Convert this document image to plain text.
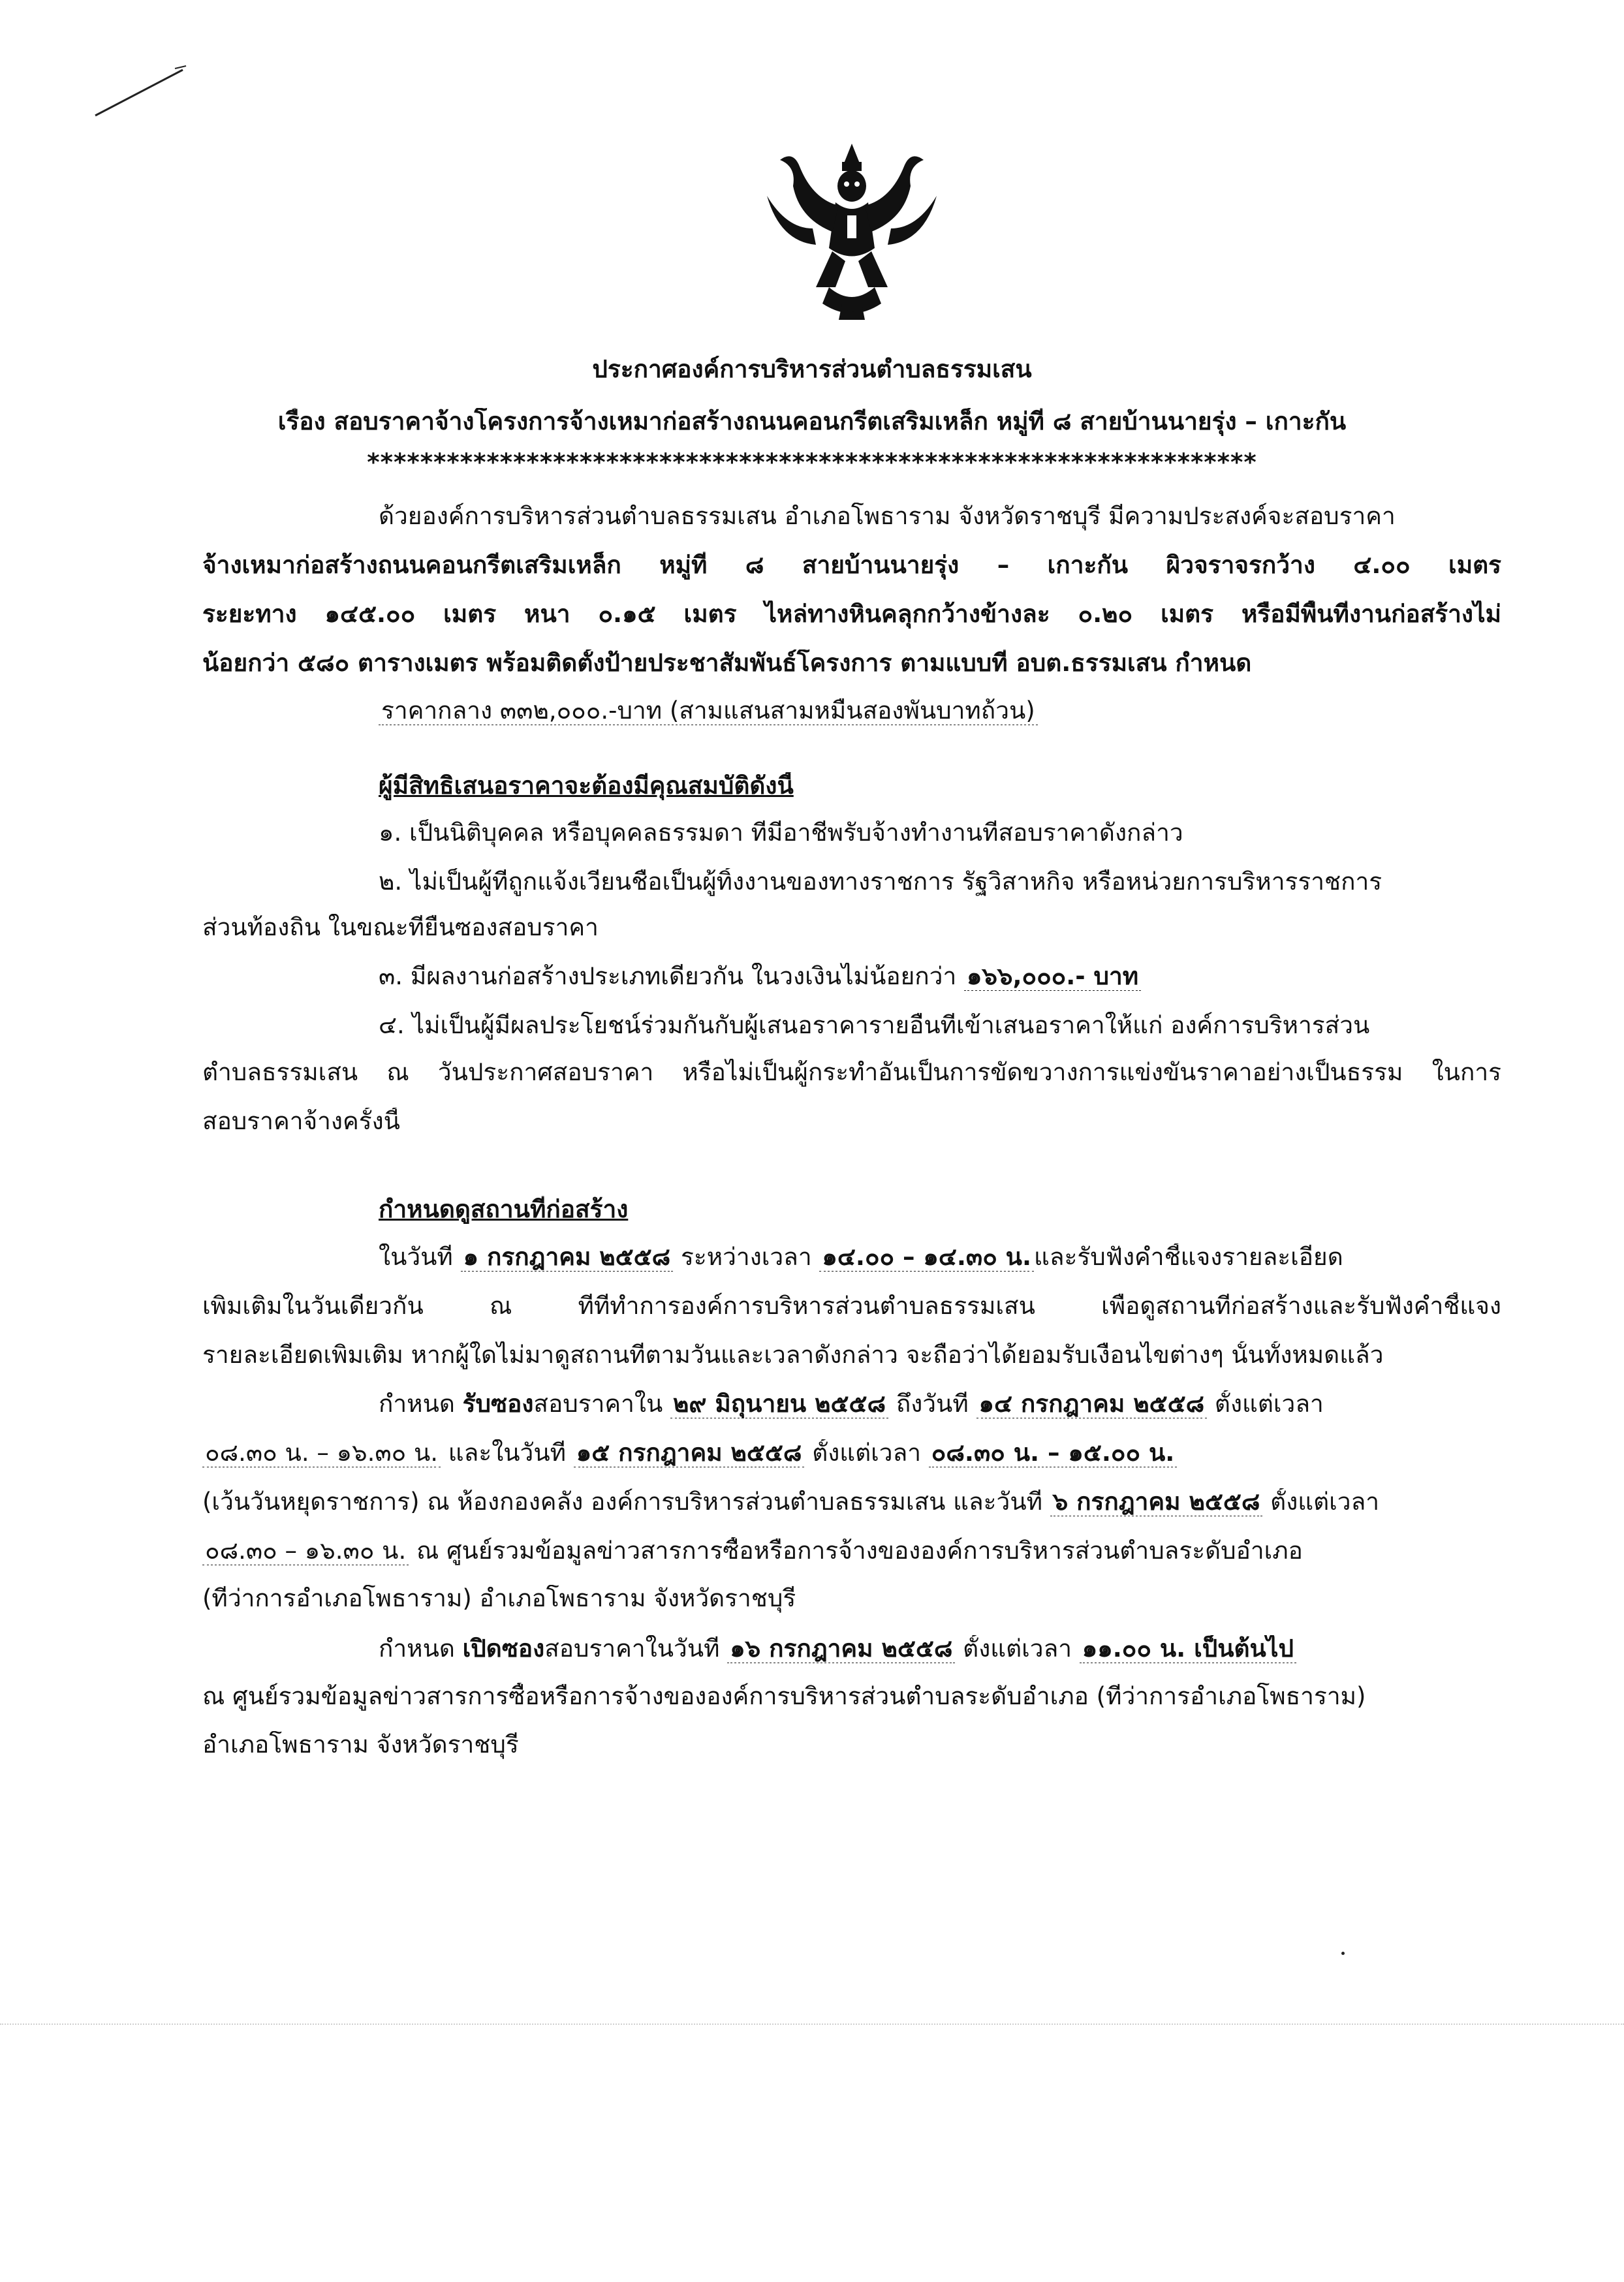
ประกาศองค์การบริหารส่วนตำบลธรรมเสน
เรื่อง สอบราคาจ้างโครงการจ้างเหมาก่อสร้างถนนคอนกรีตเสริมเหล็ก หมู่ที่ ๘ สายบ้านนายรุ่ง – เกาะกัน
*******************************************************************
ด้วยองค์การบริหารส่วนตำบลธรรมเสน อำเภอโพธาราม จังหวัดราชบุรี มีความประสงค์จะสอบราคา
จ้างเหมาก่อสร้างถนนคอนกรีตเสริมเหล็ก หมู่ที่ ๘ สายบ้านนายรุ่ง – เกาะกัน ผิวจราจรกว้าง ๔.๐๐ เมตร
ระยะทาง ๑๔๕.๐๐ เมตร หนา ๐.๑๕ เมตร ไหล่ทางหินคลุกกว้างข้างละ ๐.๒๐ เมตร หรือมีพื้นที่งานก่อสร้างไม่
น้อยกว่า ๕๘๐ ตารางเมตร พร้อมติดตั้งป้ายประชาสัมพันธ์โครงการ ตามแบบที่ อบต.ธรรมเสน กำหนด
ราคากลาง ๓๓๒,๐๐๐.-บาท (สามแสนสามหมื่นสองพันบาทถ้วน)
ผู้มีสิทธิเสนอราคาจะต้องมีคุณสมบัติดังนี้
๑. เป็นนิติบุคคล หรือบุคคลธรรมดา ที่มีอาชีพรับจ้างทำงานที่สอบราคาดังกล่าว
๒. ไม่เป็นผู้ที่ถูกแจ้งเวียนชื่อเป็นผู้ทิ้งงานของทางราชการ รัฐวิสาหกิจ หรือหน่วยการบริหารราชการ
ส่วนท้องถิ่น ในขณะที่ยื่นซองสอบราคา
๓. มีผลงานก่อสร้างประเภทเดียวกัน ในวงเงินไม่น้อยกว่า ๑๖๖,๐๐๐.- บาท
๔. ไม่เป็นผู้มีผลประโยชน์ร่วมกันกับผู้เสนอราคารายอื่นที่เข้าเสนอราคาให้แก่ องค์การบริหารส่วน
ตำบลธรรมเสน ณ วันประกาศสอบราคา หรือไม่เป็นผู้กระทำอันเป็นการขัดขวางการแข่งขันราคาอย่างเป็นธรรม ในการ
สอบราคาจ้างครั้งนี้
กำหนดดูสถานที่ก่อสร้าง
ในวันที่ ๑ กรกฎาคม ๒๕๕๘ ระหว่างเวลา ๑๔.๐๐ – ๑๔.๓๐ น. และรับฟังคำชี้แจงรายละเอียด
เพิ่มเติมในวันเดียวกัน ณ ที่ที่ทำการองค์การบริหารส่วนตำบลธรรมเสน เพื่อดูสถานที่ก่อสร้างและรับฟังคำชี้แจง
รายละเอียดเพิ่มเติม หากผู้ใดไม่มาดูสถานที่ตามวันและเวลาดังกล่าว จะถือว่าได้ยอมรับเงื่อนไขต่างๆ นั้นทั้งหมดแล้ว
กำหนด รับซองสอบราคาใน ๒๙ มิถุนายน ๒๕๕๘ ถึงวันที่ ๑๔ กรกฎาคม ๒๕๕๘ ตั้งแต่เวลา
๐๘.๓๐ น. – ๑๖.๓๐ น. และในวันที่ ๑๕ กรกฎาคม ๒๕๕๘ ตั้งแต่เวลา ๐๘.๓๐ น. – ๑๕.๐๐ น.
(เว้นวันหยุดราชการ) ณ ห้องกองคลัง องค์การบริหารส่วนตำบลธรรมเสน และวันที่ ๖ กรกฎาคม ๒๕๕๘ ตั้งแต่เวลา
๐๘.๓๐ – ๑๖.๓๐ น. ณ ศูนย์รวมข้อมูลข่าวสารการซื้อหรือการจ้างขององค์การบริหารส่วนตำบลระดับอำเภอ
(ที่ว่าการอำเภอโพธาราม) อำเภอโพธาราม จังหวัดราชบุรี
กำหนด เปิดซองสอบราคาในวันที่ ๑๖ กรกฎาคม ๒๕๕๘ ตั้งแต่เวลา ๑๑.๐๐ น. เป็นต้นไป
ณ ศูนย์รวมข้อมูลข่าวสารการซื้อหรือการจ้างขององค์การบริหารส่วนตำบลระดับอำเภอ (ที่ว่าการอำเภอโพธาราม)
อำเภอโพธาราม จังหวัดราชบุรี
